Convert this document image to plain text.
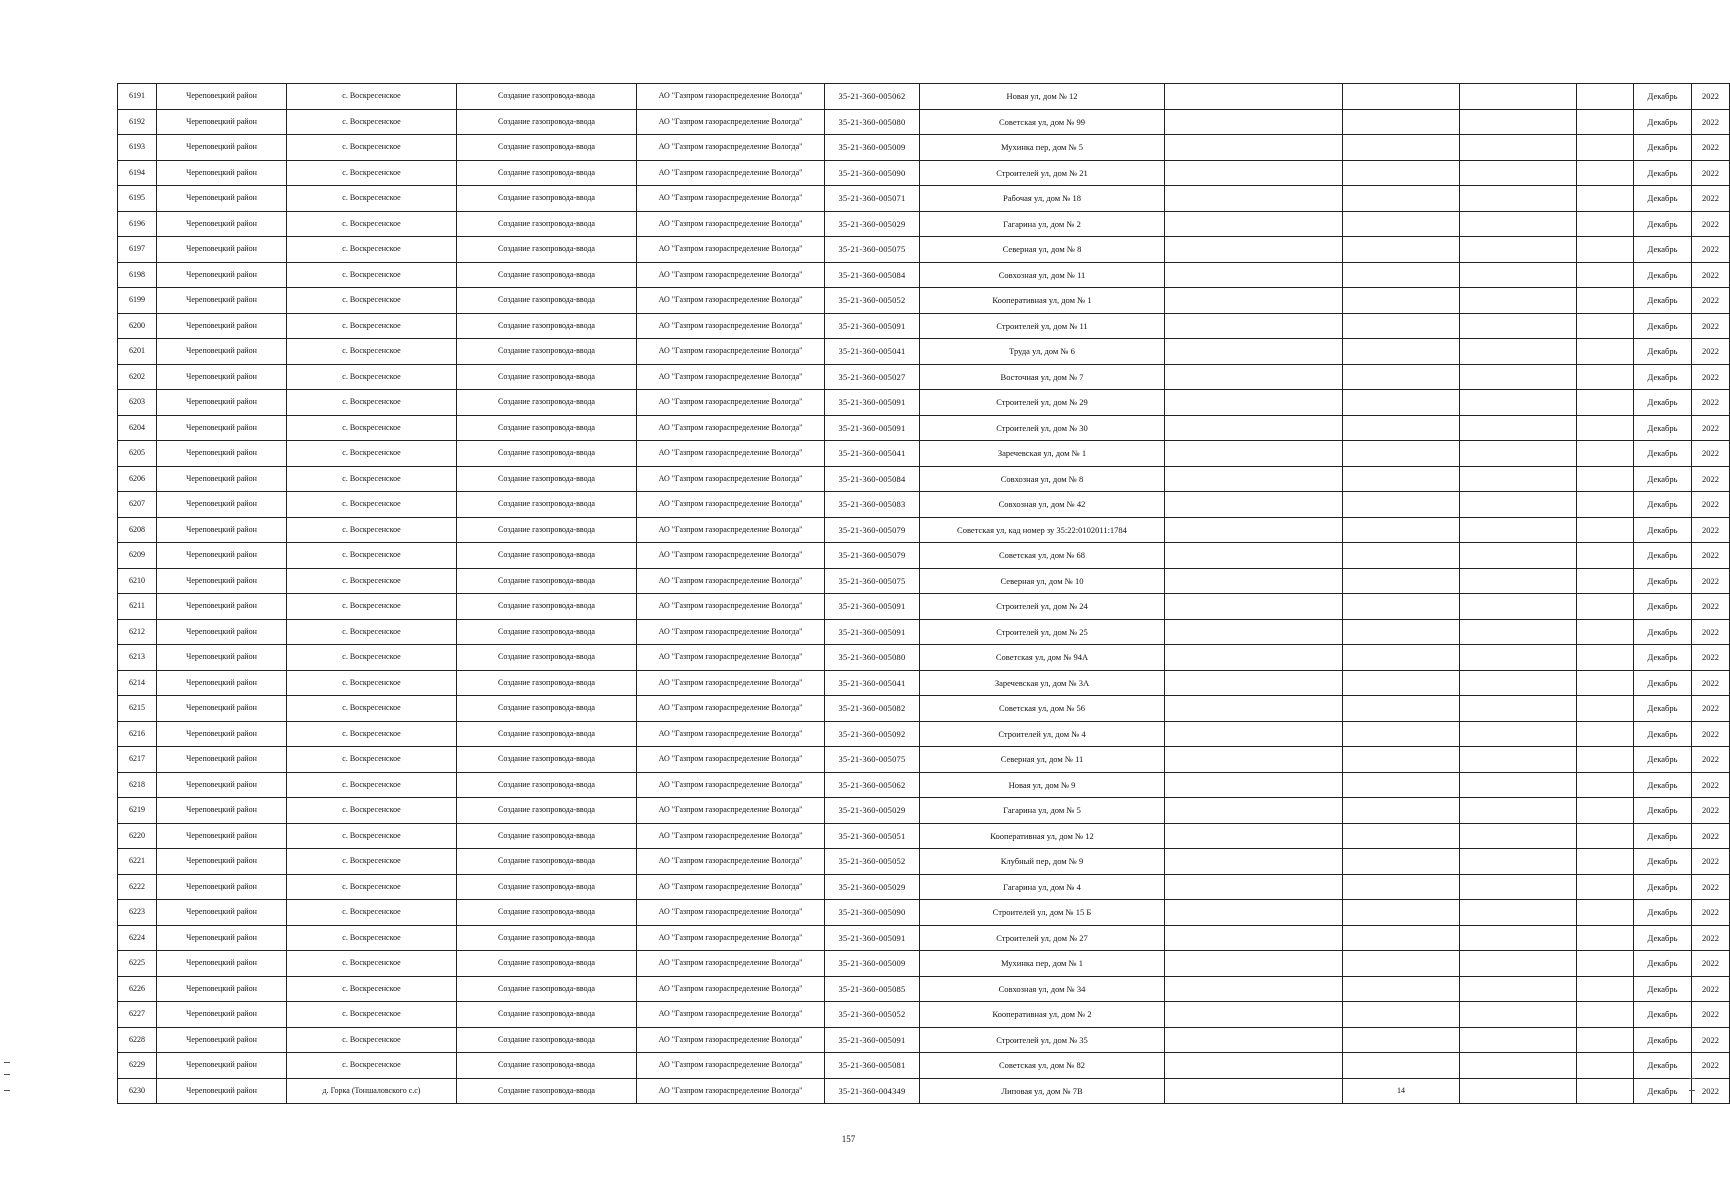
6191	Череповецкий район	с. Воскресенское	Создание газопровода-ввода	АО "Газпром газораспределение Вологда"	35-21-360-005062	Новая ул, дом № 12						Декабрь	2022
6192	Череповецкий район	с. Воскресенское	Создание газопровода-ввода	АО "Газпром газораспределение Вологда"	35-21-360-005080	Советская ул, дом № 99						Декабрь	2022
6193	Череповецкий район	с. Воскресенское	Создание газопровода-ввода	АО "Газпром газораспределение Вологда"	35-21-360-005009	Мухинка пер, дом № 5						Декабрь	2022
6194	Череповецкий район	с. Воскресенское	Создание газопровода-ввода	АО "Газпром газораспределение Вологда"	35-21-360-005090	Строителей ул, дом № 21						Декабрь	2022
6195	Череповецкий район	с. Воскресенское	Создание газопровода-ввода	АО "Газпром газораспределение Вологда"	35-21-360-005071	Рабочая ул, дом № 18						Декабрь	2022
6196	Череповецкий район	с. Воскресенское	Создание газопровода-ввода	АО "Газпром газораспределение Вологда"	35-21-360-005029	Гагарина ул, дом № 2						Декабрь	2022
6197	Череповецкий район	с. Воскресенское	Создание газопровода-ввода	АО "Газпром газораспределение Вологда"	35-21-360-005075	Северная ул, дом № 8						Декабрь	2022
6198	Череповецкий район	с. Воскресенское	Создание газопровода-ввода	АО "Газпром газораспределение Вологда"	35-21-360-005084	Совхозная ул, дом № 11						Декабрь	2022
6199	Череповецкий район	с. Воскресенское	Создание газопровода-ввода	АО "Газпром газораспределение Вологда"	35-21-360-005052	Кооперативная ул, дом № 1						Декабрь	2022
6200	Череповецкий район	с. Воскресенское	Создание газопровода-ввода	АО "Газпром газораспределение Вологда"	35-21-360-005091	Строителей ул, дом № 11						Декабрь	2022
6201	Череповецкий район	с. Воскресенское	Создание газопровода-ввода	АО "Газпром газораспределение Вологда"	35-21-360-005041	Труда ул, дом № 6						Декабрь	2022
6202	Череповецкий район	с. Воскресенское	Создание газопровода-ввода	АО "Газпром газораспределение Вологда"	35-21-360-005027	Восточная ул, дом № 7						Декабрь	2022
6203	Череповецкий район	с. Воскресенское	Создание газопровода-ввода	АО "Газпром газораспределение Вологда"	35-21-360-005091	Строителей ул, дом № 29						Декабрь	2022
6204	Череповецкий район	с. Воскресенское	Создание газопровода-ввода	АО "Газпром газораспределение Вологда"	35-21-360-005091	Строителей ул, дом № 30						Декабрь	2022
6205	Череповецкий район	с. Воскресенское	Создание газопровода-ввода	АО "Газпром газораспределение Вологда"	35-21-360-005041	Заречевская ул, дом № 1						Декабрь	2022
6206	Череповецкий район	с. Воскресенское	Создание газопровода-ввода	АО "Газпром газораспределение Вологда"	35-21-360-005084	Совхозная ул, дом № 8						Декабрь	2022
6207	Череповецкий район	с. Воскресенское	Создание газопровода-ввода	АО "Газпром газораспределение Вологда"	35-21-360-005083	Совхозная ул, дом № 42						Декабрь	2022
6208	Череповецкий район	с. Воскресенское	Создание газопровода-ввода	АО "Газпром газораспределение Вологда"	35-21-360-005079	Советская ул, кад номер зу 35:22:0102011:1784						Декабрь	2022
6209	Череповецкий район	с. Воскресенское	Создание газопровода-ввода	АО "Газпром газораспределение Вологда"	35-21-360-005079	Советская ул, дом № 68						Декабрь	2022
6210	Череповецкий район	с. Воскресенское	Создание газопровода-ввода	АО "Газпром газораспределение Вологда"	35-21-360-005075	Северная ул, дом № 10						Декабрь	2022
6211	Череповецкий район	с. Воскресенское	Создание газопровода-ввода	АО "Газпром газораспределение Вологда"	35-21-360-005091	Строителей ул, дом № 24						Декабрь	2022
6212	Череповецкий район	с. Воскресенское	Создание газопровода-ввода	АО "Газпром газораспределение Вологда"	35-21-360-005091	Строителей ул, дом № 25						Декабрь	2022
6213	Череповецкий район	с. Воскресенское	Создание газопровода-ввода	АО "Газпром газораспределение Вологда"	35-21-360-005080	Советская ул, дом № 94А						Декабрь	2022
6214	Череповецкий район	с. Воскресенское	Создание газопровода-ввода	АО "Газпром газораспределение Вологда"	35-21-360-005041	Заречевская ул, дом № 3А						Декабрь	2022
6215	Череповецкий район	с. Воскресенское	Создание газопровода-ввода	АО "Газпром газораспределение Вологда"	35-21-360-005082	Советская ул, дом № 56						Декабрь	2022
6216	Череповецкий район	с. Воскресенское	Создание газопровода-ввода	АО "Газпром газораспределение Вологда"	35-21-360-005092	Строителей ул, дом № 4						Декабрь	2022
6217	Череповецкий район	с. Воскресенское	Создание газопровода-ввода	АО "Газпром газораспределение Вологда"	35-21-360-005075	Северная ул, дом № 11						Декабрь	2022
6218	Череповецкий район	с. Воскресенское	Создание газопровода-ввода	АО "Газпром газораспределение Вологда"	35-21-360-005062	Новая ул, дом № 9						Декабрь	2022
6219	Череповецкий район	с. Воскресенское	Создание газопровода-ввода	АО "Газпром газораспределение Вологда"	35-21-360-005029	Гагарина ул, дом № 5						Декабрь	2022
6220	Череповецкий район	с. Воскресенское	Создание газопровода-ввода	АО "Газпром газораспределение Вологда"	35-21-360-005051	Кооперативная ул, дом № 12						Декабрь	2022
6221	Череповецкий район	с. Воскресенское	Создание газопровода-ввода	АО "Газпром газораспределение Вологда"	35-21-360-005052	Клубный пер, дом № 9						Декабрь	2022
6222	Череповецкий район	с. Воскресенское	Создание газопровода-ввода	АО "Газпром газораспределение Вологда"	35-21-360-005029	Гагарина ул, дом № 4						Декабрь	2022
6223	Череповецкий район	с. Воскресенское	Создание газопровода-ввода	АО "Газпром газораспределение Вологда"	35-21-360-005090	Строителей ул, дом № 15 Б						Декабрь	2022
6224	Череповецкий район	с. Воскресенское	Создание газопровода-ввода	АО "Газпром газораспределение Вологда"	35-21-360-005091	Строителей ул, дом № 27						Декабрь	2022
6225	Череповецкий район	с. Воскресенское	Создание газопровода-ввода	АО "Газпром газораспределение Вологда"	35-21-360-005009	Мухинка пер, дом № 1						Декабрь	2022
6226	Череповецкий район	с. Воскресенское	Создание газопровода-ввода	АО "Газпром газораспределение Вологда"	35-21-360-005085	Совхозная ул, дом № 34						Декабрь	2022
6227	Череповецкий район	с. Воскресенское	Создание газопровода-ввода	АО "Газпром газораспределение Вологда"	35-21-360-005052	Кооперативная ул, дом № 2						Декабрь	2022
6228	Череповецкий район	с. Воскресенское	Создание газопровода-ввода	АО "Газпром газораспределение Вологда"	35-21-360-005091	Строителей ул, дом № 35						Декабрь	2022
6229	Череповецкий район	с. Воскресенское	Создание газопровода-ввода	АО "Газпром газораспределение Вологда"	35-21-360-005081	Советская ул, дом № 82						Декабрь	2022
6230	Череповецкий район	д. Горка (Тоншаловского с.с)	Создание газопровода-ввода	АО "Газпром газораспределение Вологда"	35-21-360-004349	Липовая ул, дом № 7В		14				Декабрь	2022
157
